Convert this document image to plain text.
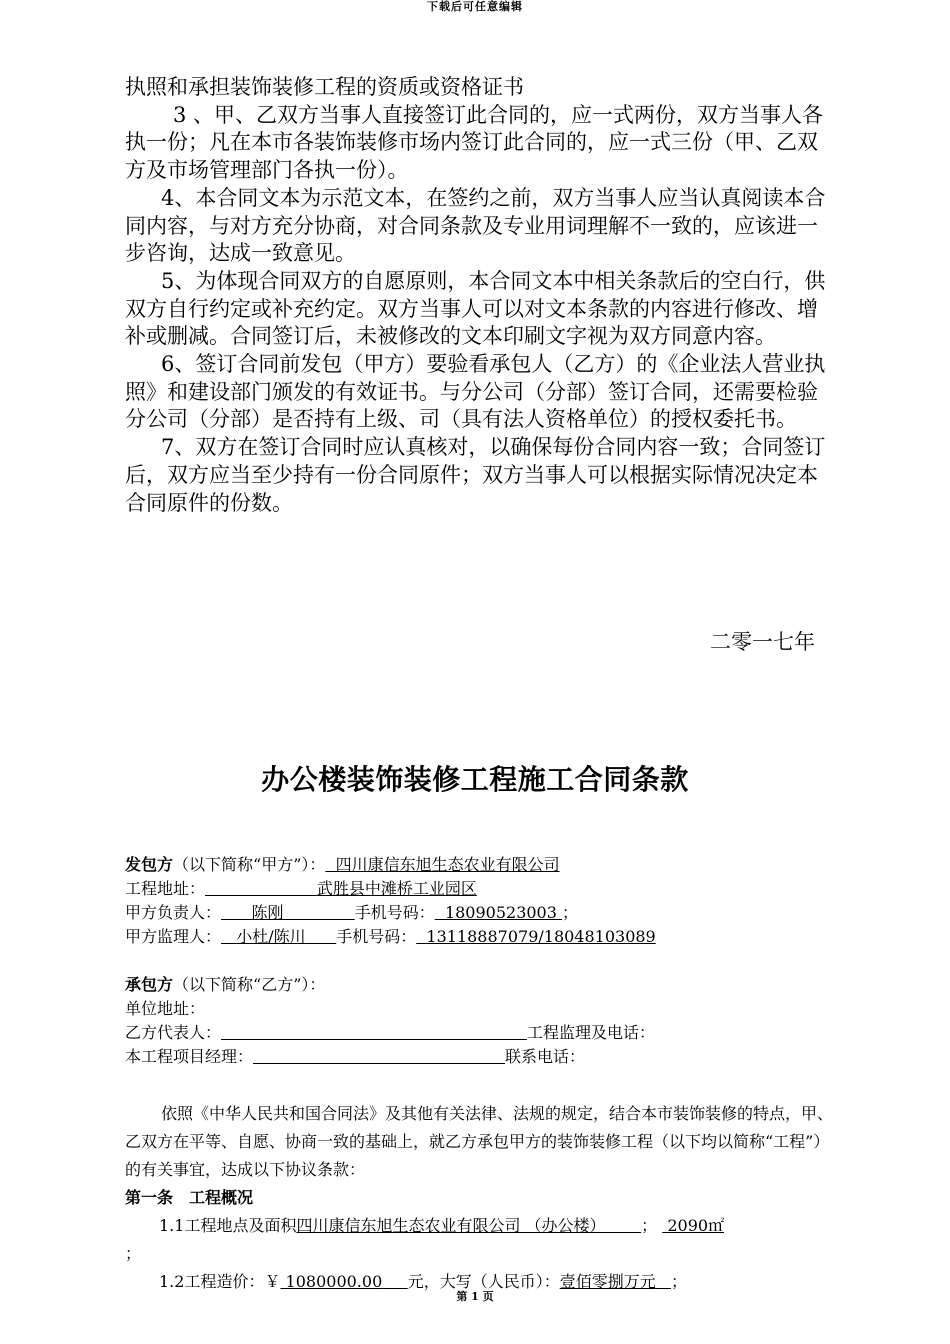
下载后可任意编辑

执照和承担装饰装修工程的资质或资格证书

3 、甲、乙双方当事人直接签订此合同的，应一式两份，双方当事人各执一份；凡在本市各装饰装修市场内签订此合同的，应一式三份（甲、乙双方及市场管理部门各执一份）。

4、本合同文本为示范文本，在签约之前，双方当事人应当认真阅读本合同内容，与对方充分协商，对合同条款及专业用词理解不一致的，应该进一步咨询，达成一致意见。

5、为体现合同双方的自愿原则，本合同文本中相关条款后的空白行，供双方自行约定或补充约定。双方当事人可以对文本条款的内容进行修改、增补或删减。合同签订后，未被修改的文本印刷文字视为双方同意内容。

6、签订合同前发包（甲方）要验看承包人（乙方）的《企业法人营业执照》和建设部门颁发的有效证书。与分公司（分部）签订合同，还需要检验分公司（分部）是否持有上级、司（具有法人资格单位）的授权委托书。

7、双方在签订合同时应认真核对，以确保每份合同内容一致；合同签订后，双方应当至少持有一份合同原件；双方当事人可以根据实际情况决定本合同原件的份数。

二零一七年
办公楼装饰装修工程施工合同条款
发包方（以下简称“甲方”）： 四川康信东旭生态农业有限公司
工程地址：	武胜县中滩桥工业园区
甲方负责人： 陈刚	手机号码： 18090523003 ；
甲方监理人： 小杜/陈川 手机号码： 13118887079/18048103089
承包方（以下简称“乙方”）：
单位地址：
乙方代表人：	工程监理及电话：
本工程项目经理：	联系电话：

依照《中华人民共和国合同法》及其他有关法律、法规的规定，结合本市装饰装修的特点，甲、乙双方在平等、自愿、协商一致的基础上，就乙方承包甲方的装饰装修工程（以下均以简称“工程”）的有关事宜，达成以下协议条款：

第一条　工程概况

1.1工程地点及面积四川康信东旭生态农业有限公司 （办公楼） ； 2090㎡

；

1.2工程造价：￥ 1080000.00 元，大写（人民币）：壹佰零捌万元 ；

第 1 页
